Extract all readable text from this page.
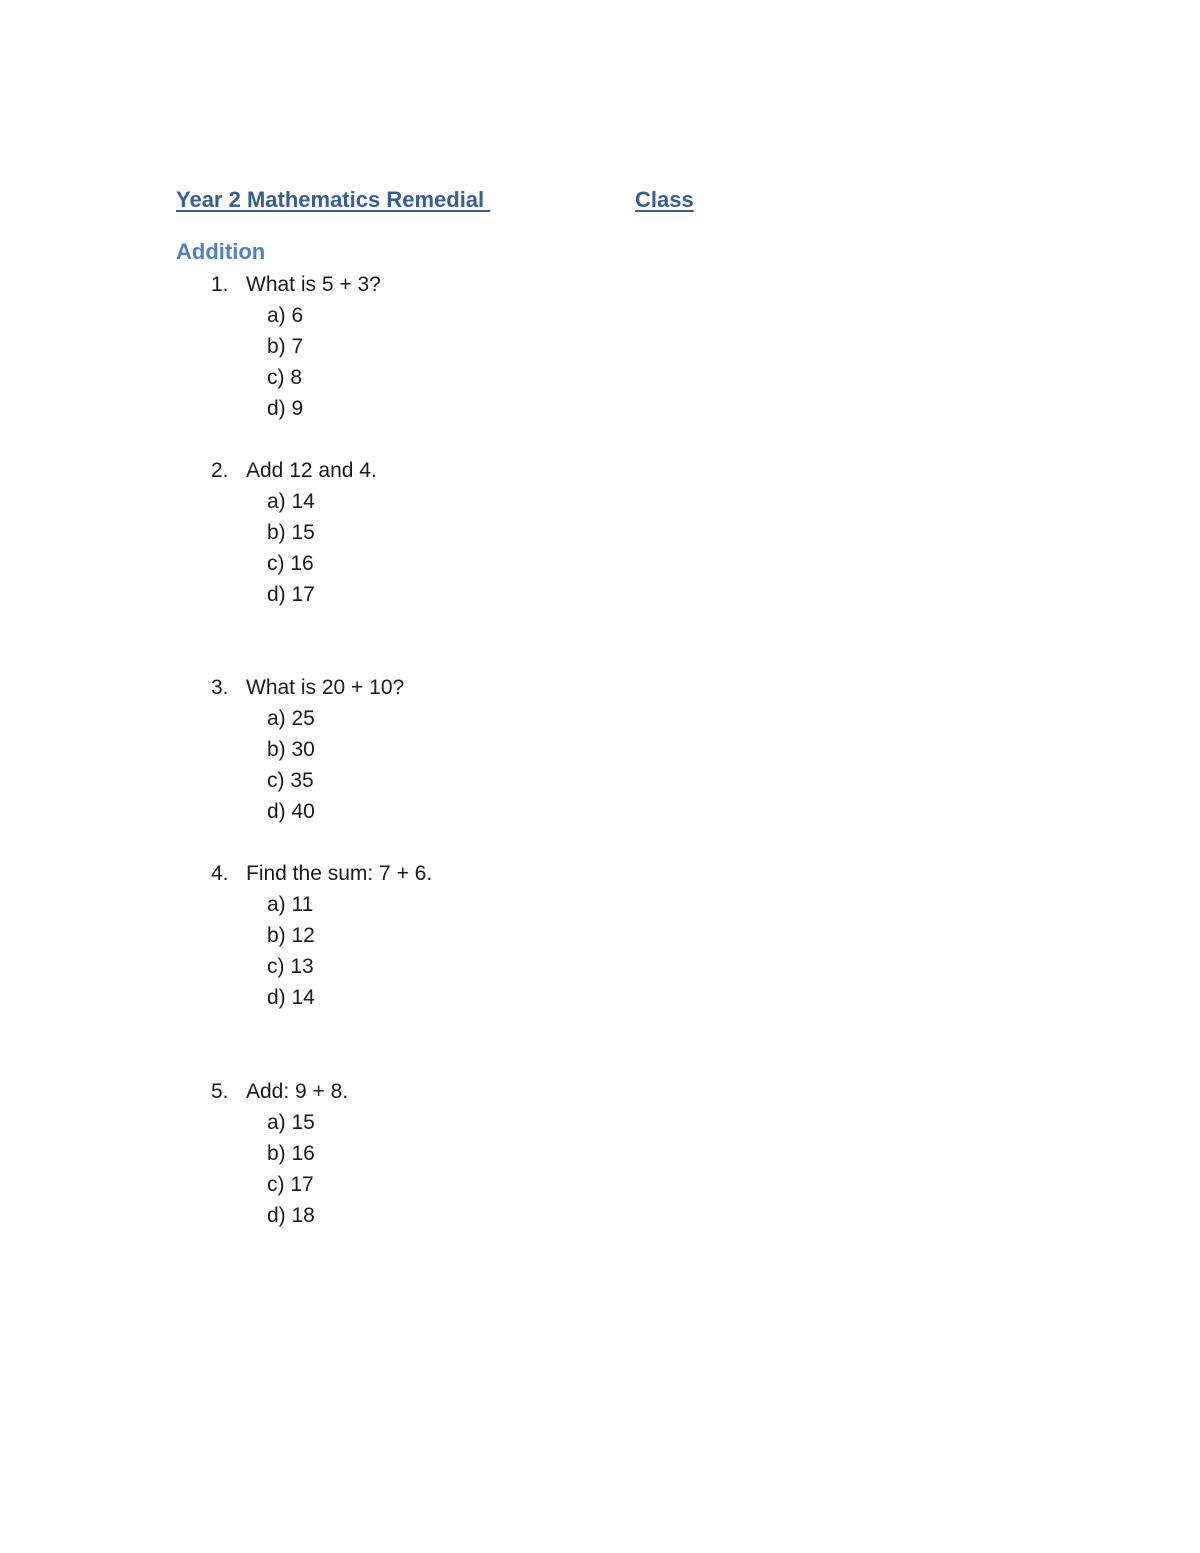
Year 2 Mathematics Remedial	Class
Addition
1. What is 5 + 3?
a) 6
b) 7
c) 8
d) 9
2. Add 12 and 4.
a) 14
b) 15
c) 16
d) 17
3. What is 20 + 10?
a) 25
b) 30
c) 35
d) 40
4. Find the sum: 7 + 6.
a) 11
b) 12
c) 13
d) 14
5. Add: 9 + 8.
a) 15
b) 16
c) 17
d) 18
